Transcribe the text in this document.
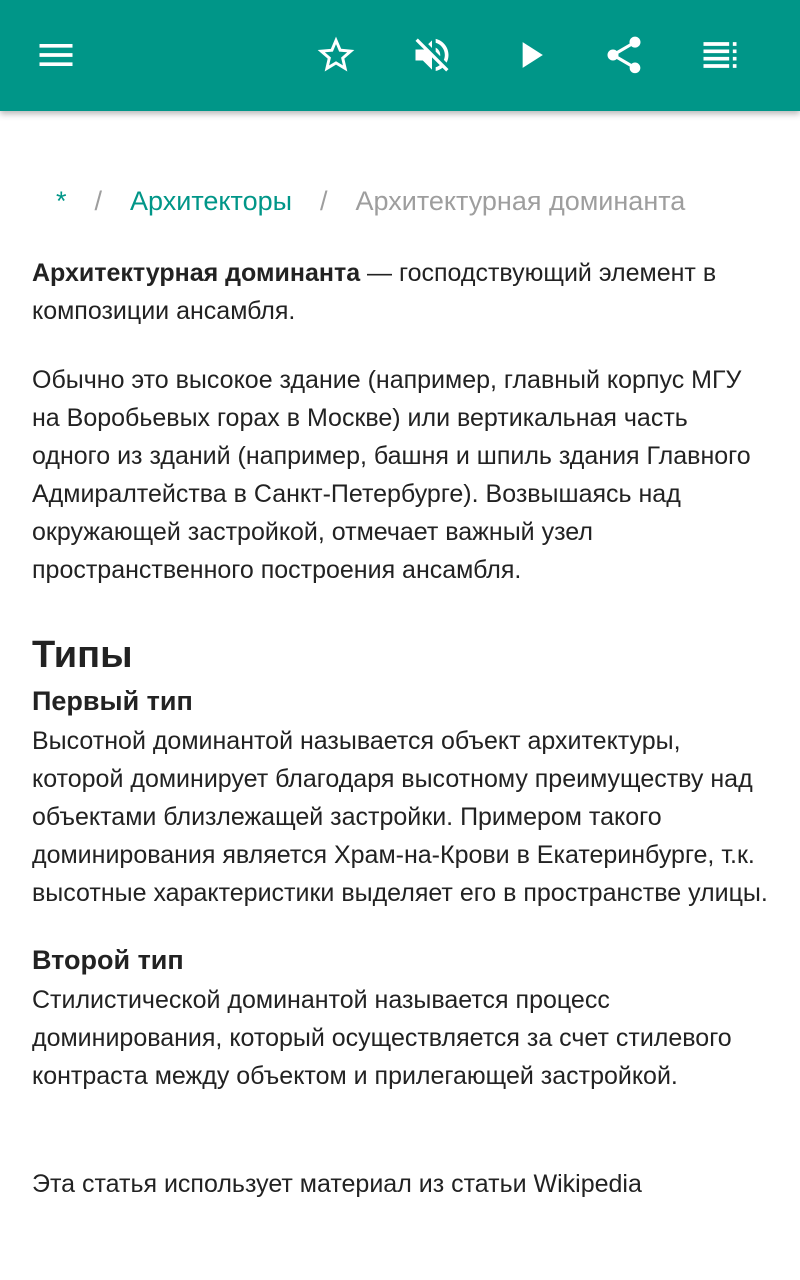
* / Архитекторы / Архитектурная доминанта

Архитектурная доминанта — господствующий элемент в композиции ансамбля.

Обычно это высокое здание (например, главный корпус МГУ на Воробьевых горах в Москве) или вертикальная часть одного из зданий (например, башня и шпиль здания Главного Адмиралтейства в Санкт-Петербурге). Возвышаясь над окружающей застройкой, отмечает важный узел пространственного построения ансамбля.

Типы
Первый тип

Высотной доминантой называется объект архитектуры, которой доминирует благодаря высотному преимуществу над объектами близлежащей застройки. Примером такого доминирования является Храм-на-Крови в Екатеринбурге, т.к. высотные характеристики выделяет его в пространстве улицы.

Второй тип

Стилистической доминантой называется процесс доминирования, который осуществляется за счет стилевого контраста между объектом и прилегающей застройкой.

Эта статья использует материал из статьи Wikipedia
